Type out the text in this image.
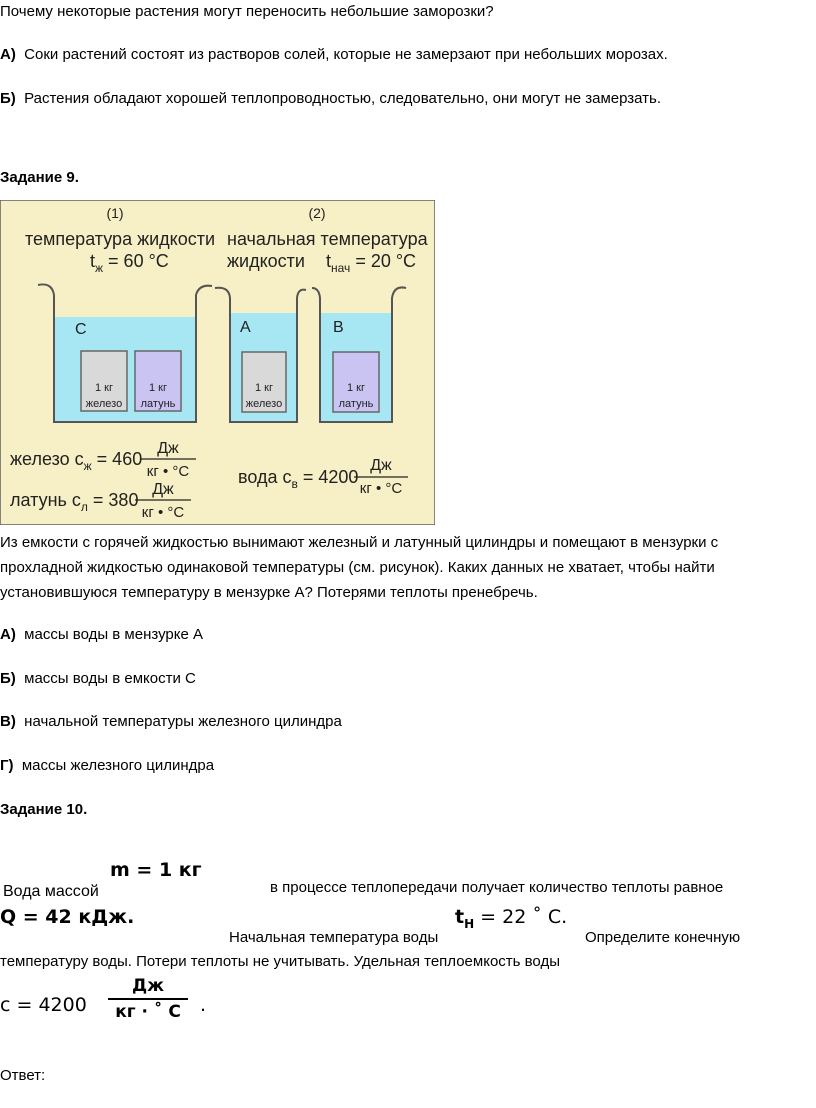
Почему некоторые растения могут переносить небольшие заморозки?
А) Соки растений состоят из растворов солей, которые не замерзают при небольших морозах.
Б) Растения обладают хорошей теплопроводностью, следовательно, они могут не замерзать.
Задание 9.
(1)	(2)
температура жидкости
$t_ж = 60$ °C
начальная температура
жидкости $t_{нач} = 20$ °C
C
1 кг
железо
1 кг
латунь
A
1 кг
железо
B
1 кг
латунь
железо $c_ж = 460$
Дж
кг • °C
латунь $c_л = 380$
Дж
кг • °C
вода $c_в = 4200$
Дж
кг • °C
Из емкости с горячей жидкостью вынимают железный и латунный цилиндры и помещают в мензурки с
прохладной жидкостью одинаковой температуры (см. рисунок). Каких данных не хватает, чтобы найти
установившуюся температуру в мензурке А? Потерями теплоты пренебречь.
А) массы воды в мензурке А
Б) массы воды в емкости С
В) начальной температуры железного цилиндра
Г) массы железного цилиндра
Задание 10.
m = 1 кг
Вода массой	в процессе теплопередачи получает количество теплоты равное
Q = 42 кДж.
Начальная температура воды
$t_H = 22$ ˚ C.
Определите конечную
температуру воды. Потери теплоты не учитывать. Удельная теплоемкость воды
c = 4200
Дж
кг · ˚ C	.
Ответ:
